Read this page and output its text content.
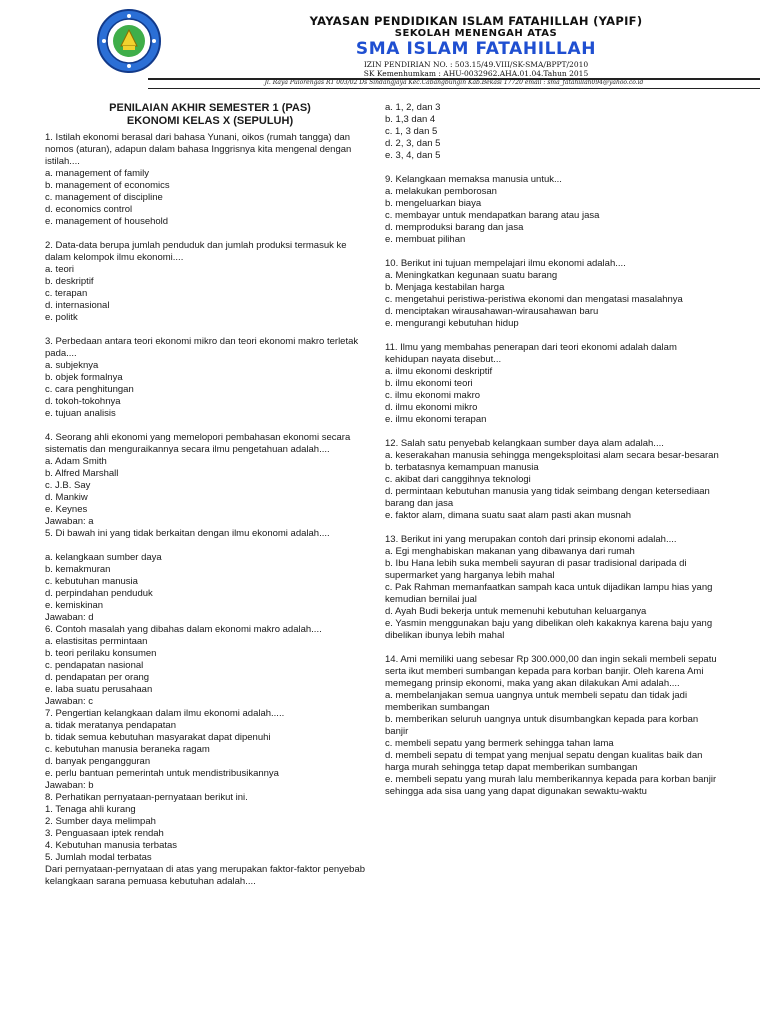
YAYASAN PENDIDIKAN ISLAM FATAHILLAH (YAPIF)
SEKOLAH MENENGAH ATAS
SMA ISLAM FATAHILLAH
IZIN PENDIRIAN NO. : 503.15/49.VIII/SK-SMA/BPPT/2010
SK Kemenhumkam : AHU-0032962.AHA.01.04.Tahun 2015
Jl. Raya Pulorengas RT 003/02 Ds Sindangjaya Kec.Cabangbungin Kab.Bekasi 17720 email : sma_fatahillah094@yahoo.co.id
PENILAIAN AKHIR SEMESTER 1 (PAS)
EKONOMI KELAS X (SEPULUH)

1. Istilah ekonomi berasal dari bahasa Yunani, oikos (rumah tangga) dan nomos (aturan), adapun dalam bahasa Inggrisnya kita mengenal dengan istilah....
a. management of family
b. management of economics
c. management of discipline
d. economics control
e. management of household

2. Data-data berupa jumlah penduduk dan jumlah produksi termasuk ke dalam kelompok ilmu ekonomi....
a. teori
b. deskriptif
c. terapan
d. internasional
e. politk

3. Perbedaan antara teori ekonomi mikro dan teori ekonomi makro terletak pada....
a. subjeknya
b. objek formalnya
c. cara penghitungan
d. tokoh-tokohnya
e. tujuan analisis

4. Seorang ahli ekonomi yang memelopori pembahasan ekonomi secara sistematis dan menguraikannya secara ilmu pengetahuan adalah....
a. Adam Smith
b. Alfred Marshall
c. J.B. Say
d. Mankiw
e. Keynes
Jawaban: a
5. Di bawah ini yang tidak berkaitan dengan ilmu ekonomi adalah....

a. kelangkaan sumber daya
b. kemakmuran
c. kebutuhan manusia
d. perpindahan penduduk
e. kemiskinan
Jawaban: d
6. Contoh masalah yang dibahas dalam ekonomi makro adalah....
a. elastisitas permintaan
b. teori perilaku konsumen
c. pendapatan nasional
d. pendapatan per orang
e. laba suatu perusahaan
Jawaban: c
7. Pengertian kelangkaan dalam ilmu ekonomi adalah.....
a. tidak meratanya pendapatan
b. tidak semua kebutuhan masyarakat dapat dipenuhi
c. kebutuhan manusia beraneka ragam
d. banyak pengangguran
e. perlu bantuan pemerintah untuk mendistribusikannya
Jawaban: b
8. Perhatikan pernyataan-pernyataan berikut ini.
1. Tenaga ahli kurang
2. Sumber daya melimpah
3. Penguasaan iptek rendah
4. Kebutuhan manusia terbatas
5. Jumlah modal terbatas
Dari pernyataan-pernyataan di atas yang merupakan faktor-faktor penyebab kelangkaan sarana pemuasa kebutuhan adalah....

a. 1, 2, dan 3
b. 1,3 dan 4
c. 1, 3 dan 5
d. 2, 3, dan 5
e. 3, 4, dan 5

9. Kelangkaan memaksa manusia untuk...
a. melakukan pemborosan
b. mengeluarkan biaya
c. membayar untuk mendapatkan barang atau jasa
d. memproduksi barang dan jasa
e. membuat pilihan

10. Berikut ini tujuan mempelajari ilmu ekonomi adalah....
a. Meningkatkan kegunaan suatu barang
b. Menjaga kestabilan harga
c. mengetahui peristiwa-peristiwa ekonomi dan mengatasi masalahnya
d. menciptakan wirausahawan-wirausahawan baru
e. mengurangi kebutuhan hidup

11. Ilmu yang membahas penerapan dari teori ekonomi adalah dalam kehidupan nayata disebut...
a. ilmu ekonomi deskriptif
b. ilmu ekonomi teori
c. ilmu ekonomi makro
d. ilmu ekonomi mikro
e. ilmu ekonomi terapan

12. Salah satu penyebab kelangkaan sumber daya alam adalah....
a. keserakahan manusia sehingga mengeksploitasi alam secara besar-besaran
b. terbatasnya kemampuan manusia
c. akibat dari canggihnya teknologi
d. permintaan kebutuhan manusia yang tidak seimbang dengan ketersediaan barang dan jasa
e. faktor alam, dimana suatu saat alam pasti akan musnah

13. Berikut ini yang merupakan contoh dari prinsip ekonomi adalah....
a. Egi menghabiskan makanan yang dibawanya dari rumah
b. Ibu Hana lebih suka membeli sayuran di pasar tradisional daripada di supermarket yang harganya lebih mahal
c. Pak Rahman memanfaatkan sampah kaca untuk dijadikan lampu hias yang kemudian bernilai jual
d. Ayah Budi bekerja untuk memenuhi kebutuhan keluarganya
e. Yasmin menggunakan baju yang dibelikan oleh kakaknya karena baju yang dibelikan ibunya lebih mahal

14. Ami memiliki uang sebesar Rp 300.000,00 dan ingin sekali membeli sepatu serta ikut memberi sumbangan kepada para korban banjir. Oleh karena Ami memegang prinsip ekonomi, maka yang akan dilakukan Ami adalah....
a. membelanjakan semua uangnya untuk membeli sepatu dan tidak jadi memberikan sumbangan
b. memberikan seluruh uangnya untuk disumbangkan kepada para korban banjir
c. membeli sepatu yang bermerk sehingga tahan lama
d. membeli sepatu di tempat yang menjual sepatu dengan kualitas baik dan harga murah sehingga tetap dapat memberikan sumbangan
e. membeli sepatu yang murah lalu memberikannya kepada para korban banjir sehingga ada sisa uang yang dapat digunakan sewaktu-waktu
